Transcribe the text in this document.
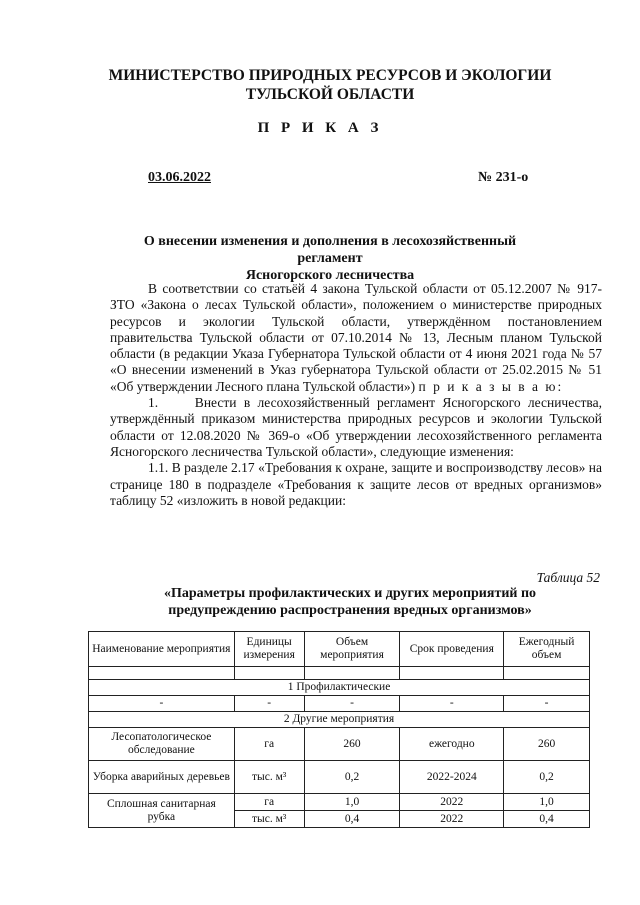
МИНИСТЕРСТВО ПРИРОДНЫХ РЕСУРСОВ И ЭКОЛОГИИ
ТУЛЬСКОЙ ОБЛАСТИ
П Р И К А З
03.06.2022	№ 231-о
О внесении изменения и дополнения в лесохозяйственный регламент
Ясногорского лесничества

В соответствии со статьёй 4 закона Тульской области от 05.12.2007 № 917-ЗТО «Закона о лесах Тульской области», положением о министерстве природных ресурсов и экологии Тульской области, утверждённом постановлением правительства Тульской области от 07.10.2014 № 13, Лесным планом Тульской области (в редакции Указа Губернатора Тульской области от 4 июня 2021 года № 57 «О внесении изменений в Указ губернатора Тульской области от 25.02.2015 № 51 «Об утверждении Лесного плана Тульской области») п р и к а з ы в а ю:

1.     Внести в лесохозяйственный регламент Ясногорского лесничества, утверждённый приказом министерства природных ресурсов и экологии Тульской области от 12.08.2020 № 369-о «Об утверждении лесохозяйственного регламента Ясногорского лесничества Тульской области», следующие изменения:

1.1. В разделе 2.17 «Требования к охране, защите и воспроизводству лесов» на странице 180 в подразделе «Требования к защите лесов от вредных организмов» таблицу 52 «изложить в новой редакции:

Таблица 52
«Параметры профилактических и других мероприятий по
предупреждению распространения вредных организмов»
Наименование мероприятия	Единицы измерения	Объем мероприятия	Срок проведения	Ежегодный объем

1 Профилактические				
-	-	-	-	-
2 Другие мероприятия				
Лесопатологическое обследование	га	260	ежегодно	260
Уборка аварийных деревьев	тыс. м³	0,2	2022-2024	0,2
Сплошная санитарная рубка	га	1,0	2022	1,0
	тыс. м³	0,4	2022	0,4
